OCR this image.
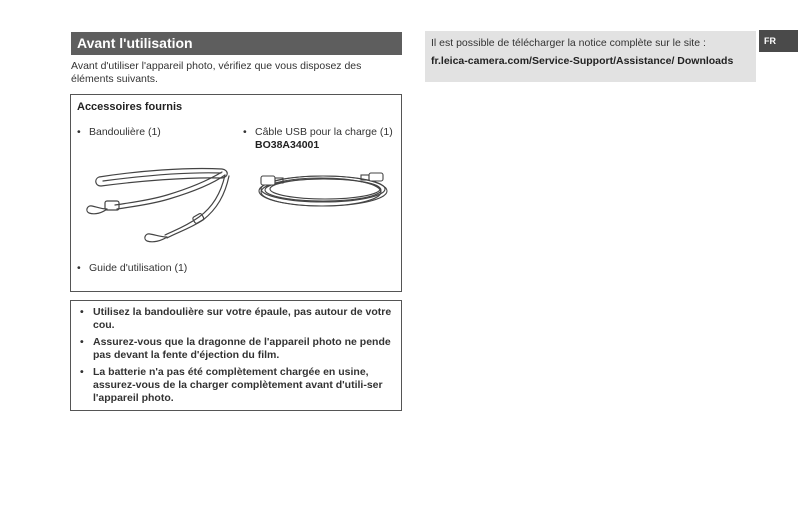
Avant l'utilisation
Avant d'utiliser l'appareil photo, vérifiez que vous disposez des éléments suivants.
Accessoires fournis
• Bandoulière (1)	• Câble USB pour la charge (1)
BO38A34001
• Guide d'utilisation (1)
• Utilisez la bandoulière sur votre épaule, pas autour de votre cou.
• Assurez-vous que la dragonne de l'appareil photo ne pende pas devant la fente d'éjection du film.
• La batterie n'a pas été complètement chargée en usine, assurez-vous de la charger complètement avant d'utili-ser l'appareil photo.
Il est possible de télécharger la notice complète sur le site :
fr.leica-camera.com/Service-Support/Assistance/ Downloads
FR
